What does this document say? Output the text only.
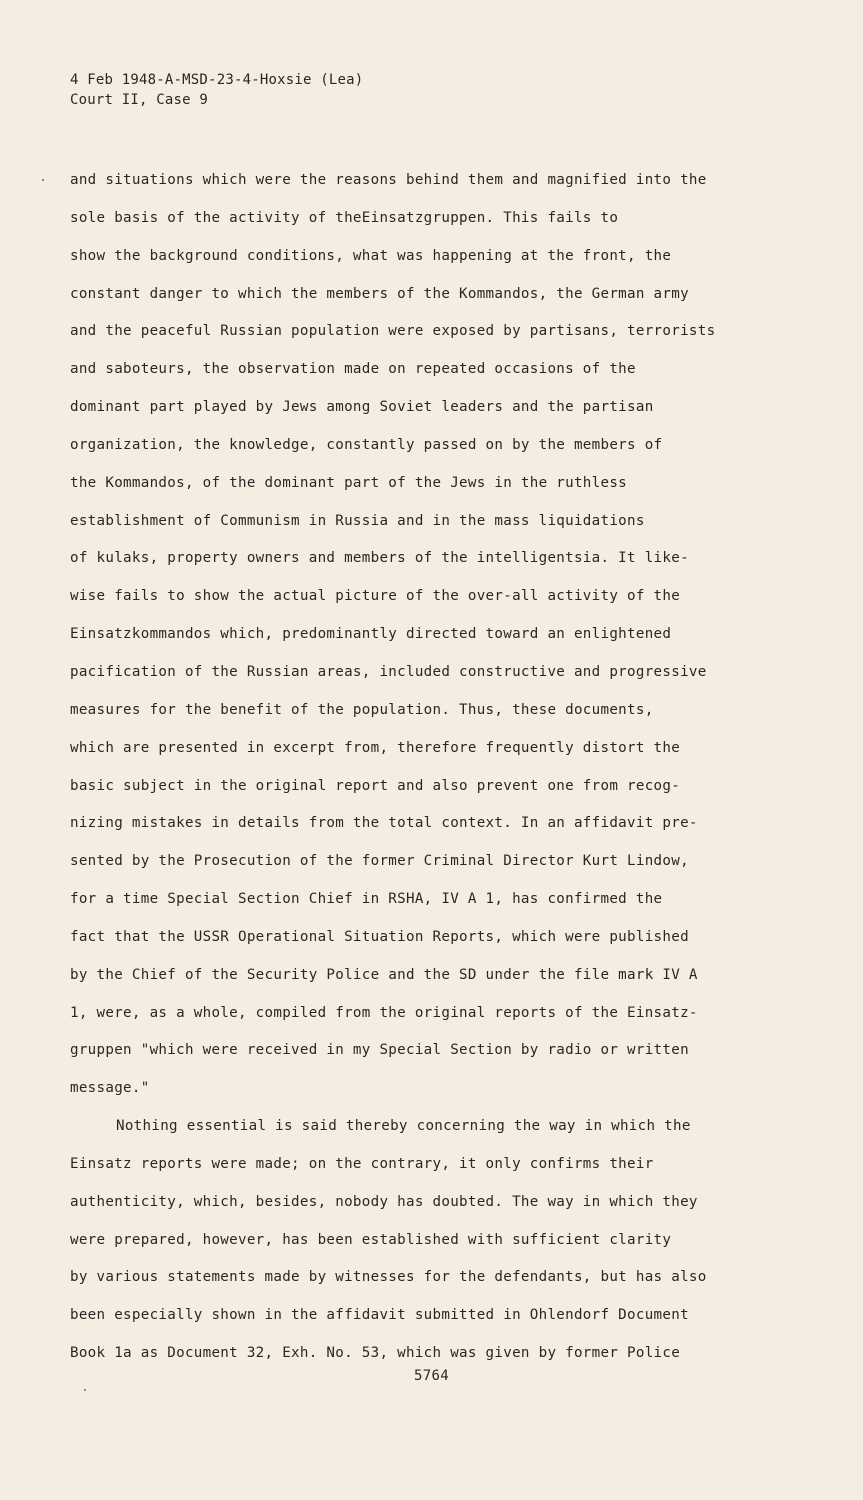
4 Feb 1948-A-MSD-23-4-Hoxsie (Lea)
Court II, Case 9
and situations which were the reasons behind them and magnified into the
sole basis of the activity of theEinsatzgruppen. This fails to
show the background conditions, what was happening at the front, the
constant danger to which the members of the Kommandos, the German army
and the peaceful Russian population were exposed by partisans, terrorists
and saboteurs, the observation made on repeated occasions of the
dominant part played by Jews among Soviet leaders and the partisan
organization, the knowledge, constantly passed on by the members of
the Kommandos, of the dominant part of the Jews in the ruthless
establishment of Communism in Russia and in the mass liquidations
of kulaks, property owners and members of the intelligentsia. It like-
wise fails to show the actual picture of the over-all activity of the
Einsatzkommandos which, predominantly directed toward an enlightened
pacification of the Russian areas, included constructive and progressive
measures for the benefit of the population. Thus, these documents,
which are presented in excerpt from, therefore frequently distort the
basic subject in the original report and also prevent one from recog-
nizing mistakes in details from the total context. In an affidavit pre-
sented by the Prosecution of the former Criminal Director Kurt Lindow,
for a time Special Section Chief in RSHA, IV A 1, has confirmed the
fact that the USSR Operational Situation Reports, which were published
by the Chief of the Security Police and the SD under the file mark IV A
1, were, as a whole, compiled from the original reports of the Einsatz-
gruppen "which were received in my Special Section by radio or written
message."
Nothing essential is said thereby concerning the way in which the
Einsatz reports were made; on the contrary, it only confirms their
authenticity, which, besides, nobody has doubted. The way in which they
were prepared, however, has been established with sufficient clarity
by various statements made by witnesses for the defendants, but has also
been especially shown in the affidavit submitted in Ohlendorf Document
Book 1a as Document 32, Exh. No. 53, which was given by former Police
5764
